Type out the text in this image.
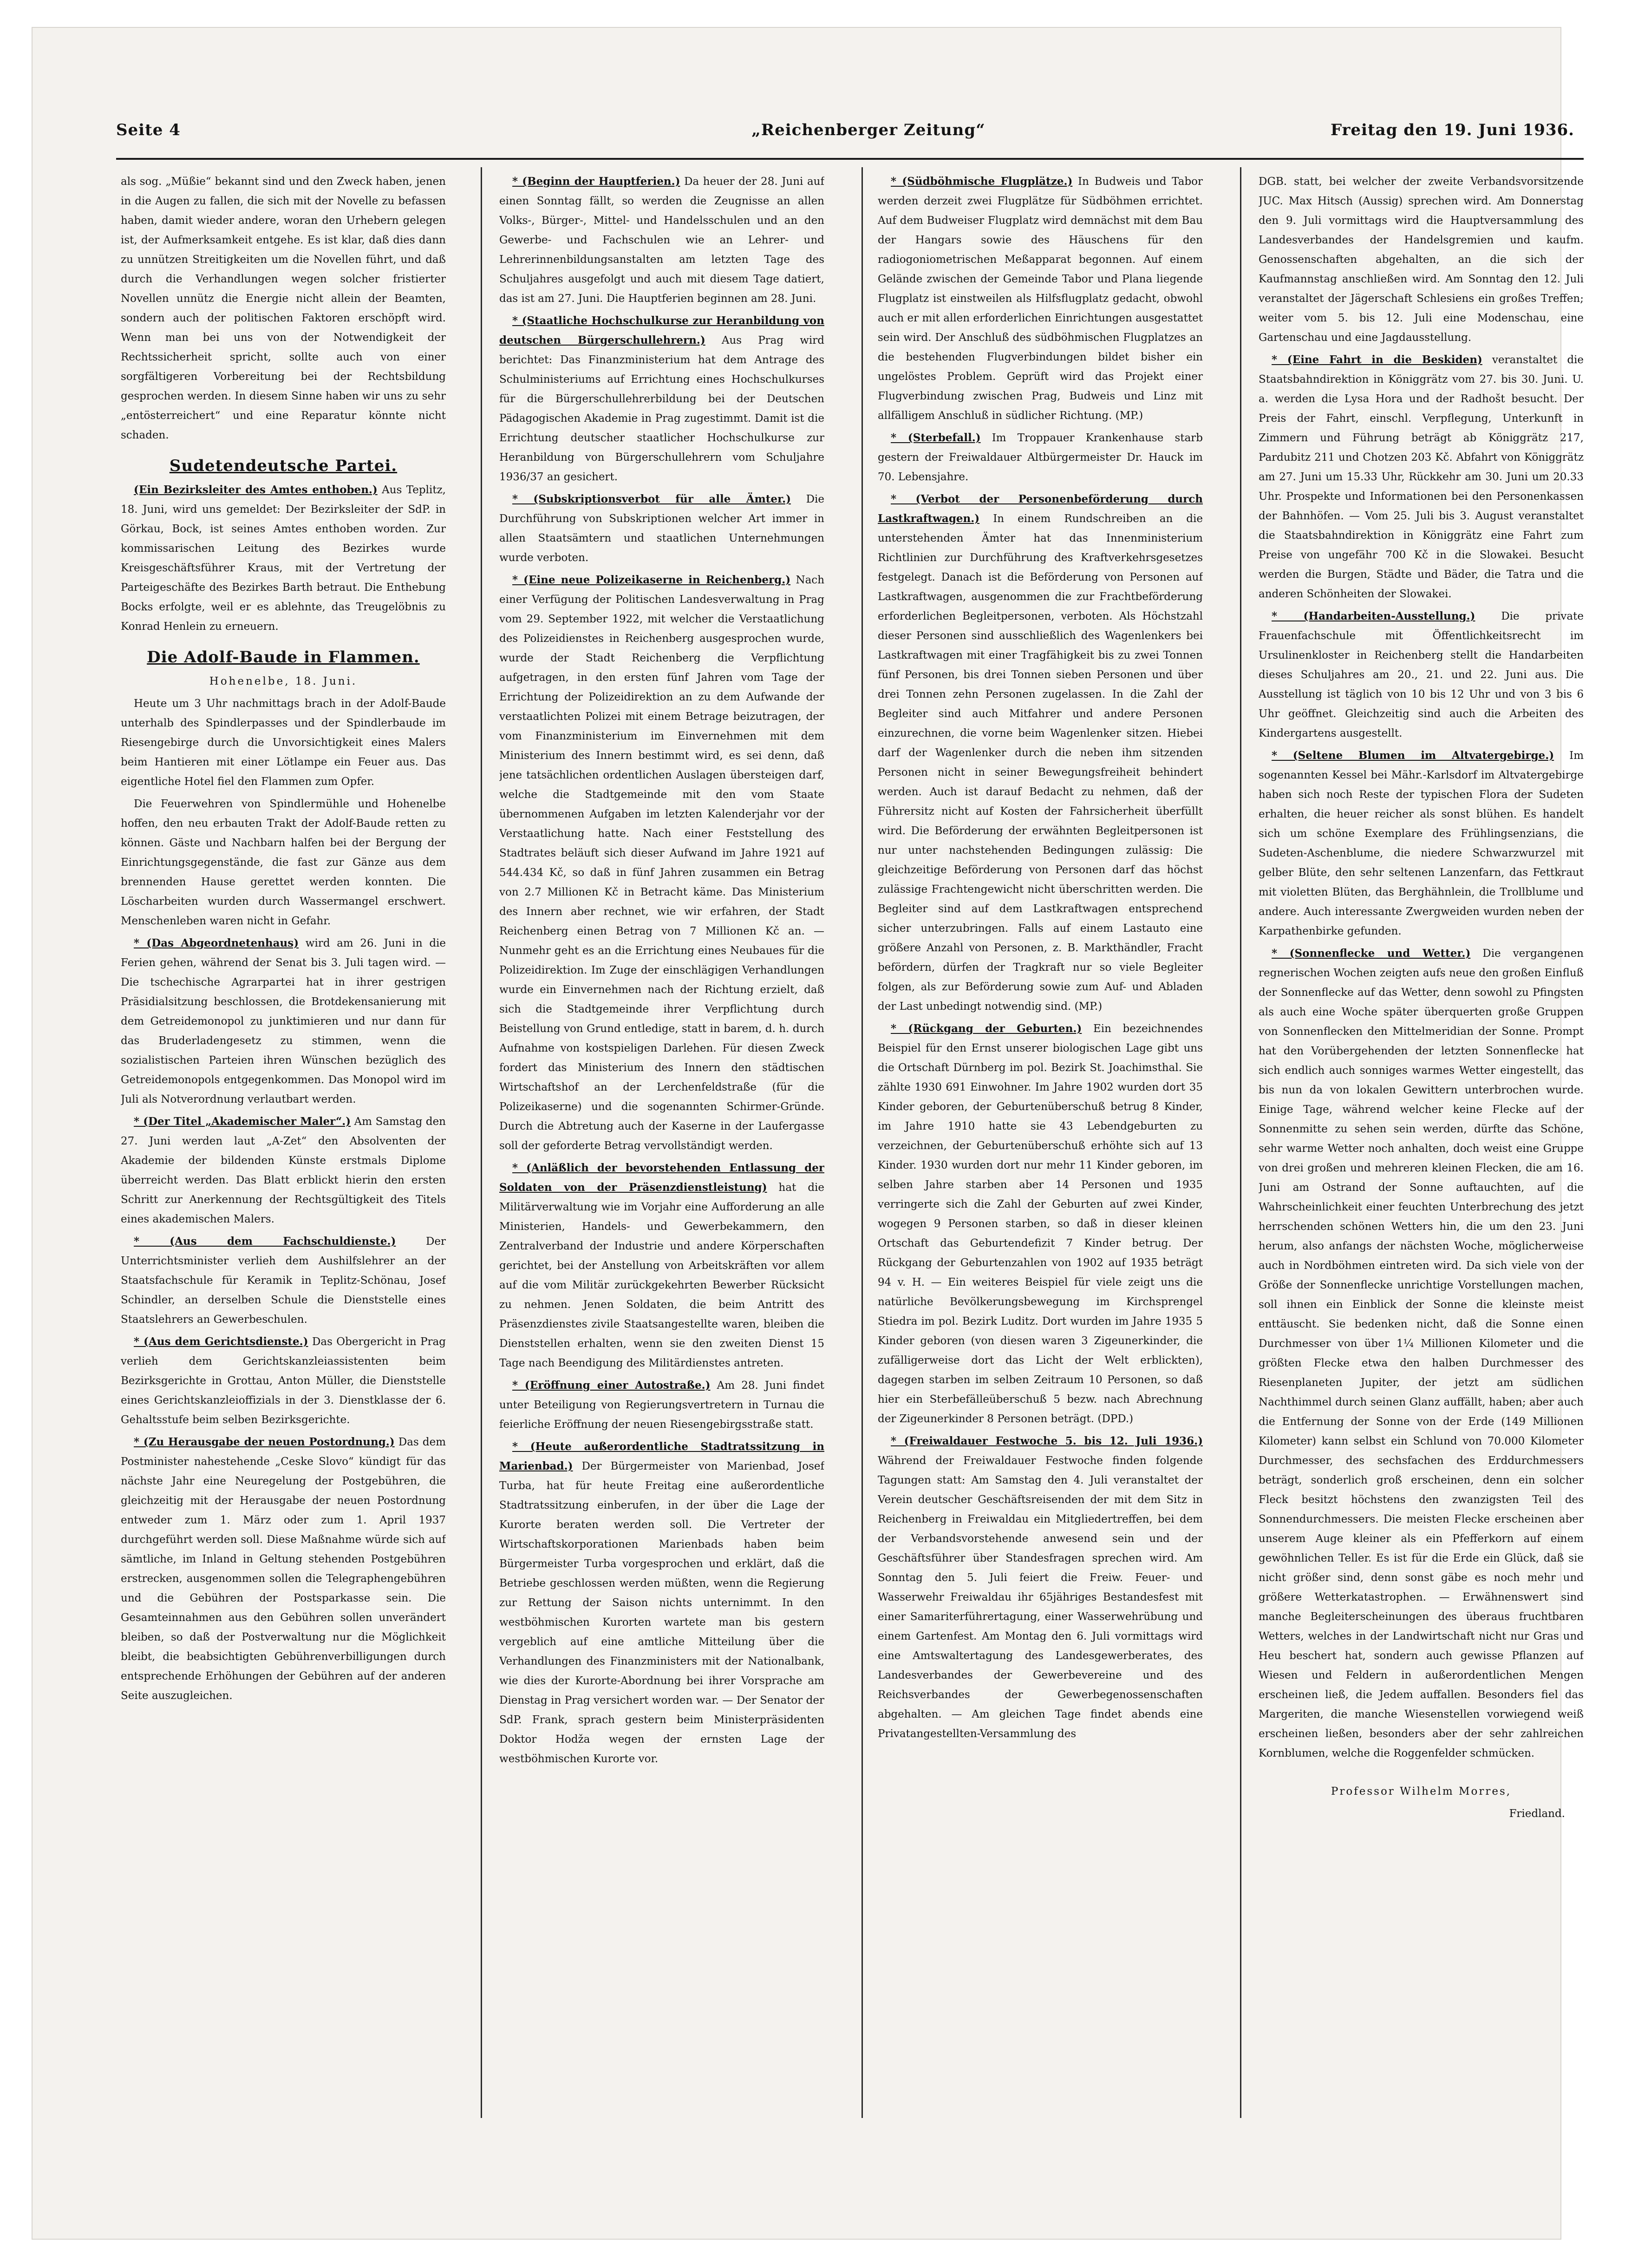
Seite 4	„Reichenberger Zeitung“	Freitag den 19. Juni 1936.

als sog. „Müßie“ bekannt sind und den Zweck haben, jenen in die Augen zu fallen, die sich mit der Novelle zu befassen haben, damit wieder andere, woran den Urhebern gelegen ist, der Aufmerksamkeit entgehe. Es ist klar, daß dies dann zu unnützen Streitigkeiten um die Novellen führt, und daß durch die Verhandlungen wegen solcher fristierter Novellen unnütz die Energie nicht allein der Beamten, sondern auch der politischen Faktoren erschöpft wird. Wenn man bei uns von der Notwendigkeit der Rechtssicherheit spricht, sollte auch von einer sorgfältigeren Vorbereitung bei der Rechtsbildung gesprochen werden. In diesem Sinne haben wir uns zu sehr „entösterreichert“ und eine Reparatur könnte nicht schaden.

Sudetendeutsche Partei.

(Ein Bezirksleiter des Amtes enthoben.) Aus Teplitz, 18. Juni, wird uns gemeldet: Der Bezirksleiter der SdP. in Görkau, Bock, ist seines Amtes enthoben worden. Zur kommissarischen Leitung des Bezirkes wurde Kreisgeschäftsführer Kraus, mit der Vertretung der Parteigeschäfte des Bezirkes Barth betraut. Die Enthebung Bocks erfolgte, weil er es ablehnte, das Treugelöbnis zu Konrad Henlein zu erneuern.

Die Adolf-Baude in Flammen.

Hohenelbe, 18. Juni.

Heute um 3 Uhr nachmittags brach in der Adolf-Baude unterhalb des Spindlerpasses und der Spindlerbaude im Riesengebirge durch die Unvorsichtigkeit eines Malers beim Hantieren mit einer Lötlampe ein Feuer aus. Das eigentliche Hotel fiel den Flammen zum Opfer.

Die Feuerwehren von Spindlermühle und Hohenelbe hoffen, den neu erbauten Trakt der Adolf-Baude retten zu können. Gäste und Nachbarn halfen bei der Bergung der Einrichtungsgegenstände, die fast zur Gänze aus dem brennenden Hause gerettet werden konnten. Die Löscharbeiten wurden durch Wassermangel erschwert. Menschenleben waren nicht in Gefahr.

* (Das Abgeordnetenhaus) wird am 26. Juni in die Ferien gehen, während der Senat bis 3. Juli tagen wird. — Die tschechische Agrarpartei hat in ihrer gestrigen Präsidialsitzung beschlossen, die Brotdekensanierung mit dem Getreidemonopol zu junktimieren und nur dann für das Bruderladengesetz zu stimmen, wenn die sozialistischen Parteien ihren Wünschen bezüglich des Getreidemonopols entgegenkommen. Das Monopol wird im Juli als Notverordnung verlautbart werden.

* (Der Titel „Akademischer Maler“.) Am Samstag den 27. Juni werden laut „A-Zet“ den Absolventen der Akademie der bildenden Künste erstmals Diplome überreicht werden. Das Blatt erblickt hierin den ersten Schritt zur Anerkennung der Rechtsgültigkeit des Titels eines akademischen Malers.

* (Aus dem Fachschuldienste.)	Der Unterrichtsminister verlieh dem Aushilfslehrer an der Staatsfachschule für Keramik in Teplitz-Schönau, Josef Schindler, an derselben Schule die Dienststelle eines Staatslehrers an Gewerbeschulen.

* (Aus dem Gerichtsdienste.) Das Obergericht in Prag verlieh dem Gerichtskanzleiassistenten beim Bezirksgerichte in Grottau, Anton Müller, die Dienststelle eines Gerichtskanzleioffizials in der 3. Dienstklasse der 6. Gehaltsstufe beim selben Bezirksgerichte.

* (Zu Herausgabe der neuen Postordnung.) Das dem Postminister nahestehende „Ceske Slovo“ kündigt für das nächste Jahr eine Neuregelung der Postgebühren, die gleichzeitig mit der Herausgabe der neuen Postordnung entweder zum 1. März oder zum 1. April 1937 durchgeführt werden soll. Diese Maßnahme würde sich auf sämtliche, im Inland in Geltung stehenden Postgebühren erstrecken, ausgenommen sollen die Telegraphengebühren und die Gebühren der Postsparkasse sein. Die Gesamteinnahmen aus den Gebühren sollen unverändert bleiben, so daß der Postverwaltung nur die Möglichkeit bleibt, die beabsichtigten Gebührenverbilligungen durch entsprechende Erhöhungen der Gebühren auf der anderen Seite auszugleichen.

* (Beginn der Hauptferien.) Da heuer der 28. Juni auf einen Sonntag fällt, so werden die Zeugnisse an allen Volks-, Bürger-, Mittel- und Handelsschulen und an den Gewerbe- und Fachschulen wie an Lehrer- und Lehrerinnenbildungsanstalten am letzten Tage des Schuljahres ausgefolgt und auch mit diesem Tage datiert, das ist am 27. Juni. Die Hauptferien beginnen am 28. Juni.

* (Staatliche Hochschulkurse zur Heranbildung von deutschen Bürgerschullehrern.) Aus Prag wird berichtet: Das Finanzministerium hat dem Antrage des Schulministeriums auf Errichtung eines Hochschulkurses für die Bürgerschullehrerbildung bei der Deutschen Pädagogischen Akademie in Prag zugestimmt. Damit ist die Errichtung deutscher staatlicher Hochschulkurse zur Heranbildung von Bürgerschullehrern vom Schuljahre 1936/37 an gesichert.

* (Subskriptionsverbot für alle Ämter.) Die Durchführung von Subskriptionen welcher Art immer in allen Staatsämtern und staatlichen Unternehmungen wurde verboten.

* (Eine neue Polizeikaserne in Reichenberg.) Nach einer Verfügung der Politischen Landesverwaltung in Prag vom 29. September 1922, mit welcher die Verstaatlichung des Polizeidienstes in Reichenberg ausgesprochen wurde, wurde der Stadt Reichenberg die Verpflichtung aufgetragen, in den ersten fünf Jahren vom Tage der Errichtung der Polizeidirektion an zu dem Aufwande der verstaatlichten Polizei mit einem Betrage beizutragen, der vom Finanzministerium im Einvernehmen mit dem Ministerium des Innern bestimmt wird, es sei denn, daß jene tatsächlichen ordentlichen Auslagen übersteigen darf, welche die Stadtgemeinde mit den vom Staate übernommenen Aufgaben im letzten Kalenderjahr vor der Verstaatlichung hatte. Nach einer Feststellung des Stadtrates beläuft sich dieser Aufwand im Jahre 1921 auf 544.434 Kč, so daß in fünf Jahren zusammen ein Betrag von 2.7 Millionen Kč in Betracht käme. Das Ministerium des Innern aber rechnet, wie wir erfahren, der Stadt Reichenberg einen Betrag von 7 Millionen Kč an. — Nunmehr geht es an die Errichtung eines Neubaues für die Polizeidirektion. Im Zuge der einschlägigen Verhandlungen wurde ein Einvernehmen nach der Richtung erzielt, daß sich die Stadtgemeinde ihrer Verpflichtung durch Beistellung von Grund entledige, statt in barem, d. h. durch Aufnahme von kostspieligen Darlehen. Für diesen Zweck fordert das Ministerium des Innern den städtischen Wirtschaftshof an der Lerchenfeldstraße (für die Polizeikaserne) und die sogenannten Schirmer-Gründe. Durch die Abtretung auch der Kaserne in der Laufergasse soll der geforderte Betrag vervollständigt werden.

* (Anläßlich der bevorstehenden Entlassung der Soldaten von der Präsenzdienstleistung) hat die Militärverwaltung wie im Vorjahr eine Aufforderung an alle Ministerien, Handels- und Gewerbekammern, den Zentralverband der Industrie und andere Körperschaften gerichtet, bei der Anstellung von Arbeitskräften vor allem auf die vom Militär zurückgekehrten Bewerber Rücksicht zu nehmen. Jenen Soldaten, die beim Antritt des Präsenzdienstes zivile Staatsangestellte waren, bleiben die Dienststellen erhalten, wenn sie den zweiten Dienst 15 Tage nach Beendigung des Militärdienstes antreten.

* (Eröffnung einer Autostraße.) Am 28. Juni findet unter Beteiligung von Regierungsvertretern in Turnau die feierliche Eröffnung der neuen Riesengebirgsstraße statt.

* (Heute außerordentliche Stadtratssitzung in Marienbad.) Der Bürgermeister von Marienbad, Josef Turba, hat für heute Freitag eine außerordentliche Stadtratssitzung einberufen, in der über die Lage der Kurorte beraten werden soll. Die Vertreter der Wirtschaftskorporationen Marienbads haben beim Bürgermeister Turba vorgesprochen und erklärt, daß die Betriebe geschlossen werden müßten, wenn die Regierung zur Rettung der Saison nichts unternimmt. In den westböhmischen Kurorten wartete man bis gestern vergeblich auf eine amtliche Mitteilung über die Verhandlungen des Finanzministers mit der Nationalbank, wie dies der Kurorte-Abordnung bei ihrer Vorsprache am Dienstag in Prag versichert worden war. — Der Senator der SdP. Frank, sprach gestern beim Ministerpräsidenten Doktor Hodža wegen der ernsten Lage der westböhmischen Kurorte vor.

* (Südböhmische Flugplätze.) In Budweis und Tabor werden derzeit zwei Flugplätze für Südböhmen errichtet. Auf dem Budweiser Flugplatz wird demnächst mit dem Bau der Hangars sowie des Häuschens für den radiogoniometrischen Meßapparat begonnen. Auf einem Gelände zwischen der Gemeinde Tabor und Plana liegende Flugplatz ist einstweilen als Hilfsflugplatz gedacht, obwohl auch er mit allen erforderlichen Einrichtungen ausgestattet sein wird. Der Anschluß des südböhmischen Flugplatzes an die bestehenden Flugverbindungen bildet bisher ein ungelöstes Problem. Geprüft wird das Projekt einer Flugverbindung zwischen Prag, Budweis und Linz mit allfälligem Anschluß in südlicher Richtung. (MP.)

* (Sterbefall.) Im Troppauer Krankenhause starb gestern der Freiwaldauer Altbürgermeister Dr. Hauck im 70. Lebensjahre.

* (Verbot der Personenbeförderung durch Lastkraftwagen.) In einem Rundschreiben an die unterstehenden Ämter hat das Innenministerium Richtlinien zur Durchführung des Kraftverkehrsgesetzes festgelegt. Danach ist die Beförderung von Personen auf Lastkraftwagen, ausgenommen die zur Frachtbeförderung erforderlichen Begleitpersonen, verboten. Als Höchstzahl dieser Personen sind ausschließlich des Wagenlenkers bei Lastkraftwagen mit einer Tragfähigkeit bis zu zwei Tonnen fünf Personen, bis drei Tonnen sieben Personen und über drei Tonnen zehn Personen zugelassen. In die Zahl der Begleiter sind auch Mitfahrer und andere Personen einzurechnen, die vorne beim Wagenlenker sitzen. Hiebei darf der Wagenlenker durch die neben ihm sitzenden Personen nicht in seiner Bewegungsfreiheit behindert werden. Auch ist darauf Bedacht zu nehmen, daß der Führersitz nicht auf Kosten der Fahrsicherheit überfüllt wird. Die Beförderung der erwähnten Begleitpersonen ist nur unter nachstehenden Bedingungen zulässig: Die gleichzeitige Beförderung von Personen darf das höchst zulässige Frachtengewicht nicht überschritten werden. Die Begleiter sind auf dem Lastkraftwagen entsprechend sicher unterzubringen. Falls auf einem Lastauto eine größere Anzahl von Personen, z. B. Markthändler, Fracht befördern, dürfen der Tragkraft nur so viele Begleiter folgen, als zur Beförderung sowie zum Auf- und Abladen der Last unbedingt notwendig sind. (MP.)

* (Rückgang der Geburten.) Ein bezeichnendes Beispiel für den Ernst unserer biologischen Lage gibt uns die Ortschaft Dürnberg im pol. Bezirk St. Joachimsthal. Sie zählte 1930 691 Einwohner. Im Jahre 1902 wurden dort 35 Kinder geboren, der Geburtenüberschuß betrug 8 Kinder, im Jahre 1910 hatte sie 43 Lebendgeburten zu verzeichnen, der Geburtenüberschuß erhöhte sich auf 13 Kinder. 1930 wurden dort nur mehr 11 Kinder geboren, im selben Jahre starben aber 14 Personen und 1935 verringerte sich die Zahl der Geburten auf zwei Kinder, wogegen 9 Personen starben, so daß in dieser kleinen Ortschaft das Geburtendefizit 7 Kinder betrug. Der Rückgang der Geburtenzahlen von 1902 auf 1935 beträgt 94 v. H. — Ein weiteres Beispiel für viele zeigt uns die natürliche Bevölkerungsbewegung im Kirchsprengel Stiedra im pol. Bezirk Luditz. Dort wurden im Jahre 1935 5 Kinder geboren (von diesen waren 3 Zigeunerkinder, die zufälligerweise dort das Licht der Welt erblickten), dagegen starben im selben Zeitraum 10 Personen, so daß hier ein Sterbefälleüberschuß 5 bezw. nach Abrechnung der Zigeunerkinder 8 Personen beträgt. (DPD.)

* (Freiwaldauer Festwoche 5. bis 12. Juli 1936.) Während der Freiwaldauer Festwoche finden folgende Tagungen statt: Am Samstag den 4. Juli veranstaltet der Verein deutscher Geschäftsreisenden der mit dem Sitz in Reichenberg in Freiwaldau ein Mitgliedertreffen, bei dem der Verbandsvorstehende anwesend sein und der Geschäftsführer über Standesfragen sprechen wird. Am Sonntag den 5. Juli feiert die Freiw. Feuer- und Wasserwehr Freiwaldau ihr 65jähriges Bestandesfest mit einer Samariterführertagung, einer Wasserwehrübung und einem Gartenfest. Am Montag den 6. Juli vormittags wird eine Amtswaltertagung des Landesgewerberates, des Landesverbandes der Gewerbevereine und des Reichsverbandes der Gewerbegenossenschaften abgehalten. — Am gleichen Tage findet abends eine Privatangestellten-Versammlung des

DGB. statt, bei welcher der zweite Verbandsvorsitzende JUC. Max Hitsch (Aussig) sprechen wird. Am Donnerstag den 9. Juli vormittags wird die Hauptversammlung des Landesverbandes der Handelsgremien und kaufm. Genossenschaften abgehalten, an die sich der Kaufmannstag anschließen wird. Am Sonntag den 12. Juli veranstaltet der Jägerschaft Schlesiens ein großes Treffen; weiter vom 5. bis 12. Juli eine Modenschau, eine Gartenschau und eine Jagdausstellung.

* (Eine Fahrt in die Beskiden) veranstaltet die Staatsbahndirektion in Königgrätz vom 27. bis 30. Juni. U. a. werden die Lysa Hora und der Radhošt besucht. Der Preis der Fahrt, einschl. Verpflegung, Unterkunft in Zimmern und Führung beträgt ab Königgrätz 217, Pardubitz 211 und Chotzen 203 Kč. Abfahrt von Königgrätz am 27. Juni um 15.33 Uhr, Rückkehr am 30. Juni um 20.33 Uhr. Prospekte und Informationen bei den Personenkassen der Bahnhöfen. — Vom 25. Juli bis 3. August veranstaltet die Staatsbahndirektion in Königgrätz eine Fahrt zum Preise von ungefähr 700 Kč in die Slowakei. Besucht werden die Burgen, Städte und Bäder, die Tatra und die anderen Schönheiten der Slowakei.

* (Handarbeiten-Ausstellung.) Die private Frauenfachschule mit Öffentlichkeitsrecht im Ursulinenkloster in Reichenberg stellt die Handarbeiten dieses Schuljahres am 20., 21. und 22. Juni aus. Die Ausstellung ist täglich von 10 bis 12 Uhr und von 3 bis 6 Uhr geöffnet. Gleichzeitig sind auch die Arbeiten des Kindergartens ausgestellt.

* (Seltene Blumen im Altvatergebirge.) Im sogenannten Kessel bei Mähr.-Karlsdorf im Altvatergebirge haben sich noch Reste der typischen Flora der Sudeten erhalten, die heuer reicher als sonst blühen. Es handelt sich um schöne Exemplare des Frühlingsenzians, die Sudeten-Aschenblume, die niedere Schwarzwurzel mit gelber Blüte, den sehr seltenen Lanzenfarn, das Fettkraut mit violetten Blüten, das Berghähnlein, die Trollblume und andere. Auch interessante Zwergweiden wurden neben der Karpathenbirke gefunden.

* (Sonnenflecke und Wetter.) Die vergangenen regnerischen Wochen zeigten aufs neue den großen Einfluß der Sonnenflecke auf das Wetter, denn sowohl zu Pfingsten als auch eine Woche später überquerten große Gruppen von Sonnenflecken den Mittelmeridian der Sonne. Prompt hat den Vorübergehenden der letzten Sonnenflecke hat sich endlich auch sonniges warmes Wetter eingestellt, das bis nun da von lokalen Gewittern unterbrochen wurde. Einige Tage, während welcher keine Flecke auf der Sonnenmitte zu sehen sein werden, dürfte das Schöne, sehr warme Wetter noch anhalten, doch weist eine Gruppe von drei großen und mehreren kleinen Flecken, die am 16. Juni am Ostrand der Sonne auftauchten, auf die Wahrscheinlichkeit einer feuchten Unterbrechung des jetzt herrschenden schönen Wetters hin, die um den 23. Juni herum, also anfangs der nächsten Woche, möglicherweise auch in Nordböhmen eintreten wird. Da sich viele von der Größe der Sonnenflecke unrichtige Vorstellungen machen, soll ihnen ein Einblick der Sonne die kleinste meist enttäuscht. Sie bedenken nicht, daß die Sonne einen Durchmesser von über 1¼ Millionen Kilometer und die größten Flecke etwa den halben Durchmesser des Riesenplaneten Jupiter, der jetzt am südlichen Nachthimmel durch seinen Glanz auffällt, haben; aber auch die Entfernung der Sonne von der Erde (149 Millionen Kilometer) kann selbst ein Schlund von 70.000 Kilometer Durchmesser, des sechsfachen des Erddurchmessers beträgt, sonderlich groß erscheinen, denn ein solcher Fleck besitzt höchstens den zwanzigsten Teil des Sonnendurchmessers. Die meisten Flecke erscheinen aber unserem Auge kleiner als ein Pfefferkorn auf einem gewöhnlichen Teller. Es ist für die Erde ein Glück, daß sie nicht größer sind, denn sonst gäbe es noch mehr und größere Wetterkatastrophen. — Erwähnenswert sind manche Begleiterscheinungen des überaus fruchtbaren Wetters, welches in der Landwirtschaft nicht nur Gras und Heu beschert hat, sondern auch gewisse Pflanzen auf Wiesen und Feldern in außerordentlichen Mengen erscheinen ließ, die Jedem auffallen. Besonders fiel das Margeriten, die manche Wiesenstellen vorwiegend weiß erscheinen ließen, besonders aber der sehr zahlreichen Kornblumen, welche die Roggenfelder schmücken.

Professor Wilhelm Morres,

Friedland.
